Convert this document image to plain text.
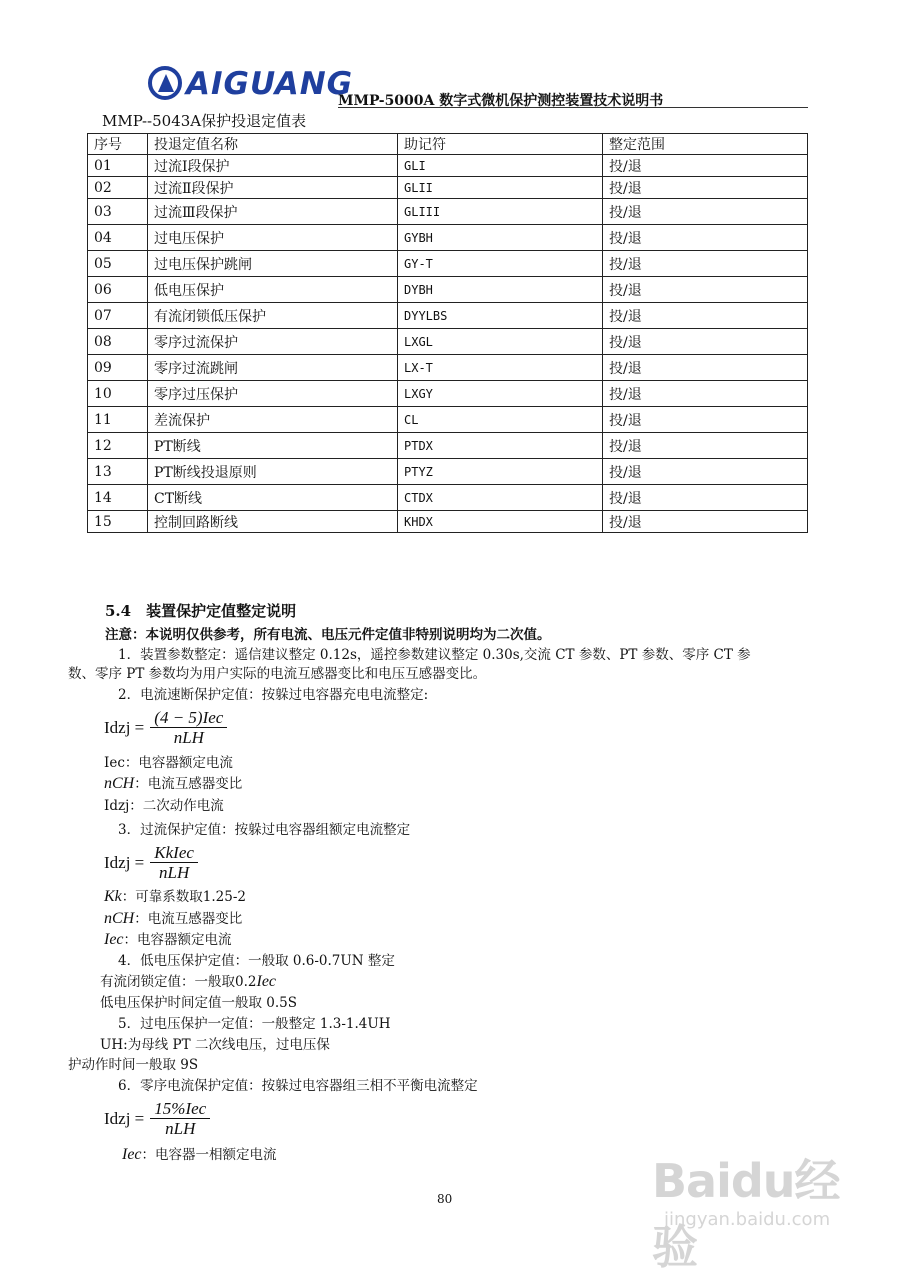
AIGUANG
MMP-5000A 数字式微机保护测控装置技术说明书
MMP--5043A保护投退定值表
序号	投退定值名称	助记符	整定范围
01	过流Ⅰ段保护	GLI	投/退
02	过流Ⅱ段保护	GLII	投/退
03	过流Ⅲ段保护	GLIII	投/退
04	过电压保护	GYBH	投/退
05	过电压保护跳闸	GY-T	投/退
06	低电压保护	DYBH	投/退
07	有流闭锁低压保护	DYYLBS	投/退
08	零序过流保护	LXGL	投/退
09	零序过流跳闸	LX-T	投/退
10	零序过压保护	LXGY	投/退
11	差流保护	CL	投/退
12	PT断线	PTDX	投/退
13	PT断线投退原则	PTYZ	投/退
14	CT断线	CTDX	投/退
15	控制回路断线	KHDX	投/退
5.4　装置保护定值整定说明
注意：本说明仅供参考，所有电流、电压元件定值非特别说明均为二次值。
1．装置参数整定：遥信建议整定 0.12s，遥控参数建议整定 0.30s,交流 CT 参数、PT 参数、零序 CT 参
数、零序 PT 参数均为用户实际的电流互感器变比和电压互感器变比。
2．电流速断保护定值：按躲过电容器充电电流整定:
Idzj = $\frac{\text{(4 − 5)Iec}}{\text{nLH}}$
Iec：电容器额定电流
nCH：电流互感器变比
Idzj：二次动作电流
3．过流保护定值：按躲过电容器组额定电流整定
Idzj = $\frac{\text{KkIec}}{\text{nLH}}$
Kk：可靠系数取1.25-2
nCH：电流互感器变比
Iec：电容器额定电流
4．低电压保护定值：一般取 0.6-0.7UN 整定
有流闭锁定值：一般取0.2Iec
低电压保护时间定值一般取 0.5S
5．过电压保护一定值：一般整定 1.3-1.4UH
UH:为母线 PT 二次线电压，过电压保
护动作时间一般取 9S
6．零序电流保护定值：按躲过电容器组三相不平衡电流整定
Idzj = $\frac{\text{15\%Iec}}{\text{nLH}}$
Iec：电容器一相额定电流
80	Baidu经验
jingyan.baidu.com
